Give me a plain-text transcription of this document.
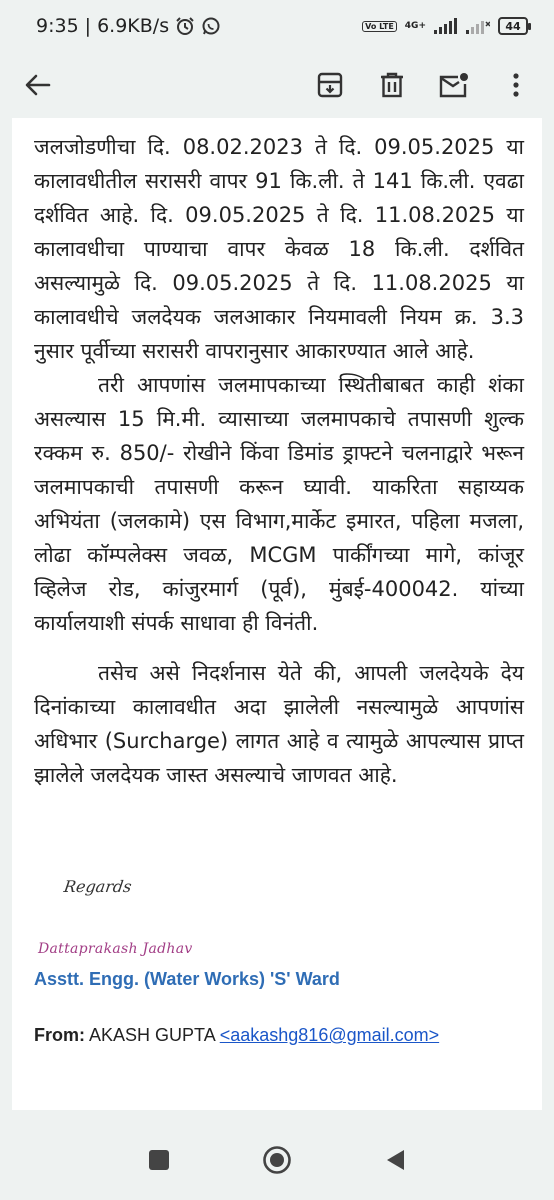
9:35 | 6.9KB/s	Vo LTE	4G+	44

जलजोडणीचा दि. 08.02.2023 ते दि. 09.05.2025 या कालावधीतील सरासरी वापर 91 कि.ली. ते 141 कि.ली. एवढा दर्शवित आहे. दि. 09.05.2025 ते दि. 11.08.2025 या कालावधीचा पाण्याचा वापर केवळ 18 कि.ली. दर्शवित असल्यामुळे दि. 09.05.2025 ते दि. 11.08.2025 या कालावधीचे जलदेयक जलआकार नियमावली नियम क्र. 3.3 नुसार पूर्वीच्या सरासरी वापरानुसार आकारण्यात आले आहे.

तरी आपणांस जलमापकाच्या स्थितीबाबत काही शंका असल्यास 15 मि.मी. व्यासाच्या जलमापकाचे तपासणी शुल्क रक्कम रु. 850/- रोखीने किंवा डिमांड ड्राफ्टने चलनाद्वारे भरून जलमापकाची तपासणी करून घ्यावी. याकरिता सहाय्यक अभियंता (जलकामे) एस विभाग,मार्केट इमारत, पहिला मजला, लोढा कॉम्पलेक्स जवळ, MCGM पार्कींगच्या मागे, कांजूर व्हिलेज रोड, कांजुरमार्ग (पूर्व), मुंबई-400042. यांच्या कार्यालयाशी संपर्क साधावा ही विनंती.

तसेच असे निदर्शनास येते की, आपली जलदेयके देय दिनांकाच्या कालावधीत अदा झालेली नसल्यामुळे आपणांस अधिभार (Surcharge) लागत आहे व त्यामुळे आपल्यास प्राप्त झालेले जलदेयक जास्त असल्याचे जाणवत आहे.

Regards
Dattaprakash Jadhav
Asstt. Engg. (Water Works) 'S' Ward
From: AKASH GUPTA <aakashg816@gmail.com>
